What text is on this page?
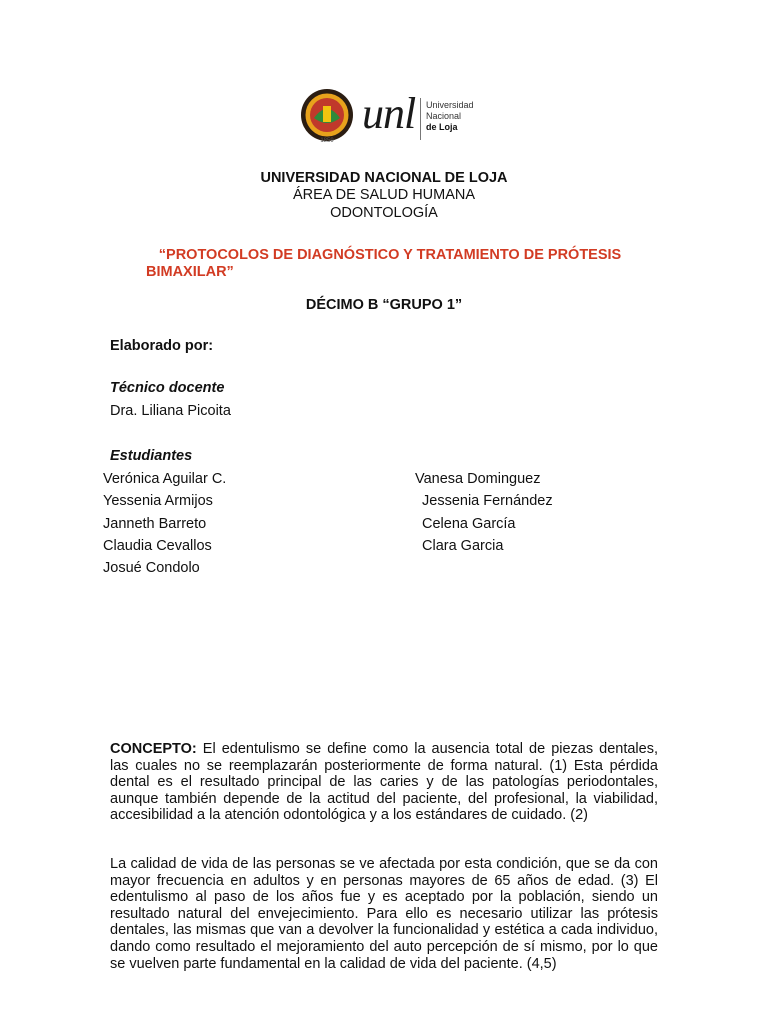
1859
unl Universidad
Nacional
de Loja
UNIVERSIDAD NACIONAL DE LOJA
ÁREA DE SALUD HUMANA
ODONTOLOGÍA
“PROTOCOLOS DE DIAGNÓSTICO Y TRATAMIENTO DE PRÓTESIS
BIMAXILAR”
DÉCIMO B “GRUPO 1”
Elaborado por:
Técnico docente
Dra. Liliana Picoita
Estudiantes
Verónica Aguilar C.
Yessenia Armijos
Janneth Barreto
Claudia Cevallos
Josué Condolo
Vanesa Dominguez
Jessenia Fernández
Celena García
Clara Garcia
CONCEPTO: El edentulismo se define como la ausencia total de piezas dentales, las cuales no se reemplazarán posteriormente de forma natural. (1) Esta pérdida dental es el resultado principal de las caries y de las patologías periodontales, aunque también depende de la actitud del paciente, del profesional, la viabilidad, accesibilidad a la atención odontológica y a los estándares de cuidado. (2)
La calidad de vida de las personas se ve afectada por esta condición, que se da con mayor frecuencia en adultos y en personas mayores de 65 años de edad. (3) El edentulismo al paso de los años fue y es aceptado por la población, siendo un resultado natural del envejecimiento. Para ello es necesario utilizar las prótesis dentales, las mismas que van a devolver la funcionalidad y estética a cada individuo, dando como resultado el mejoramiento del auto percepción de sí mismo, por lo que se vuelven parte fundamental en la calidad de vida del paciente. (4,5)
